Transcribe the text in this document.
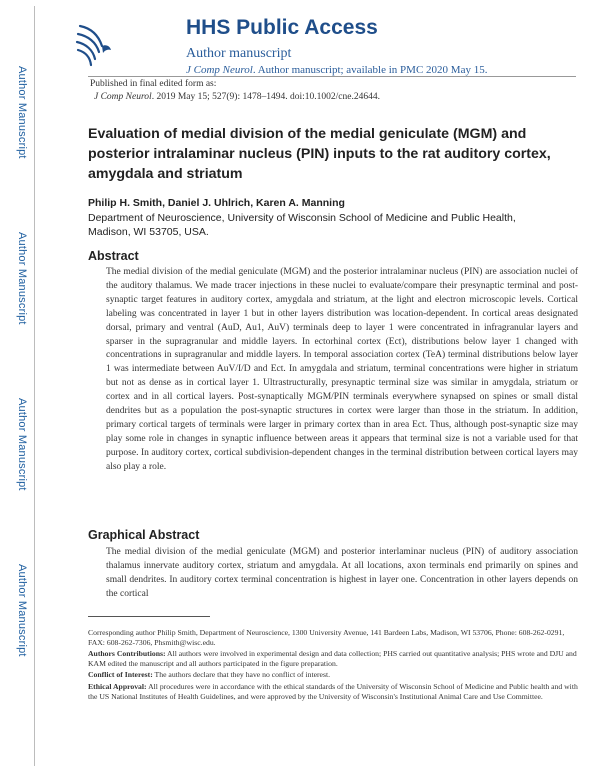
Author Manuscript
Author Manuscript
Author Manuscript
Author Manuscript
HHS Public Access
Author manuscript
J Comp Neurol. Author manuscript; available in PMC 2020 May 15.
Published in final edited form as:
J Comp Neurol. 2019 May 15; 527(9): 1478–1494. doi:10.1002/cne.24644.
Evaluation of medial division of the medial geniculate (MGM) and posterior intralaminar nucleus (PIN) inputs to the rat auditory cortex, amygdala and striatum
Philip H. Smith, Daniel J. Uhlrich, Karen A. Manning
Department of Neuroscience, University of Wisconsin School of Medicine and Public Health, Madison, WI 53705, USA.
Abstract
The medial division of the medial geniculate (MGM) and the posterior intralaminar nucleus (PIN) are association nuclei of the auditory thalamus. We made tracer injections in these nuclei to evaluate/compare their presynaptic terminal and post-synaptic target features in auditory cortex, amygdala and striatum, at the light and electron microscopic levels. Cortical labeling was concentrated in layer 1 but in other layers distribution was location-dependent. In cortical areas designated dorsal, primary and ventral (AuD, Au1, AuV) terminals deep to layer 1 were concentrated in infragranular layers and sparser in the supragranular and middle layers. In ectorhinal cortex (Ect), distributions below layer 1 changed with concentrations in supragranular and middle layers. In temporal association cortex (TeA) terminal distributions below layer 1 was intermediate between AuV/I/D and Ect. In amygdala and striatum, terminal concentrations were higher in striatum but not as dense as in cortical layer 1. Ultrastructurally, presynaptic terminal size was similar in amygdala, striatum or cortex and in all cortical layers. Post-synaptically MGM/PIN terminals everywhere synapsed on spines or small distal dendrites but as a population the post-synaptic structures in cortex were larger than those in the striatum. In addition, primary cortical targets of terminals were larger in primary cortex than in area Ect. Thus, although post-synaptic size may play some role in changes in synaptic influence between areas it appears that terminal size is not a variable used for that purpose. In auditory cortex, cortical subdivision-dependent changes in the terminal distribution between cortical layers may also play a role.
Graphical Abstract
The medial division of the medial geniculate (MGM) and posterior interlaminar nucleus (PIN) of auditory association thalamus innervate auditory cortex, striatum and amygdala. At all locations, axon terminals end primarily on spines and small dendrites. In auditory cortex terminal concentration is highest in layer one. Concentration in other layers depends on the cortical

Corresponding author Philip Smith, Department of Neuroscience, 1300 University Avenue, 141 Bardeen Labs, Madison, WI 53706, Phone: 608-262-0291, FAX: 608-262-7306, Phsmith@wisc.edu.

Authors Contributions: All authors were involved in experimental design and data collection; PHS carried out quantitative analysis; PHS wrote and DJU and KAM edited the manuscript and all authors participated in the figure preparation.

Conflict of Interest: The authors declare that they have no conflict of interest.

Ethical Approval: All procedures were in accordance with the ethical standards of the University of Wisconsin School of Medicine and Public health and with the US National Institutes of Health Guidelines, and were approved by the University of Wisconsin's Institutional Animal Care and Use Committee.
